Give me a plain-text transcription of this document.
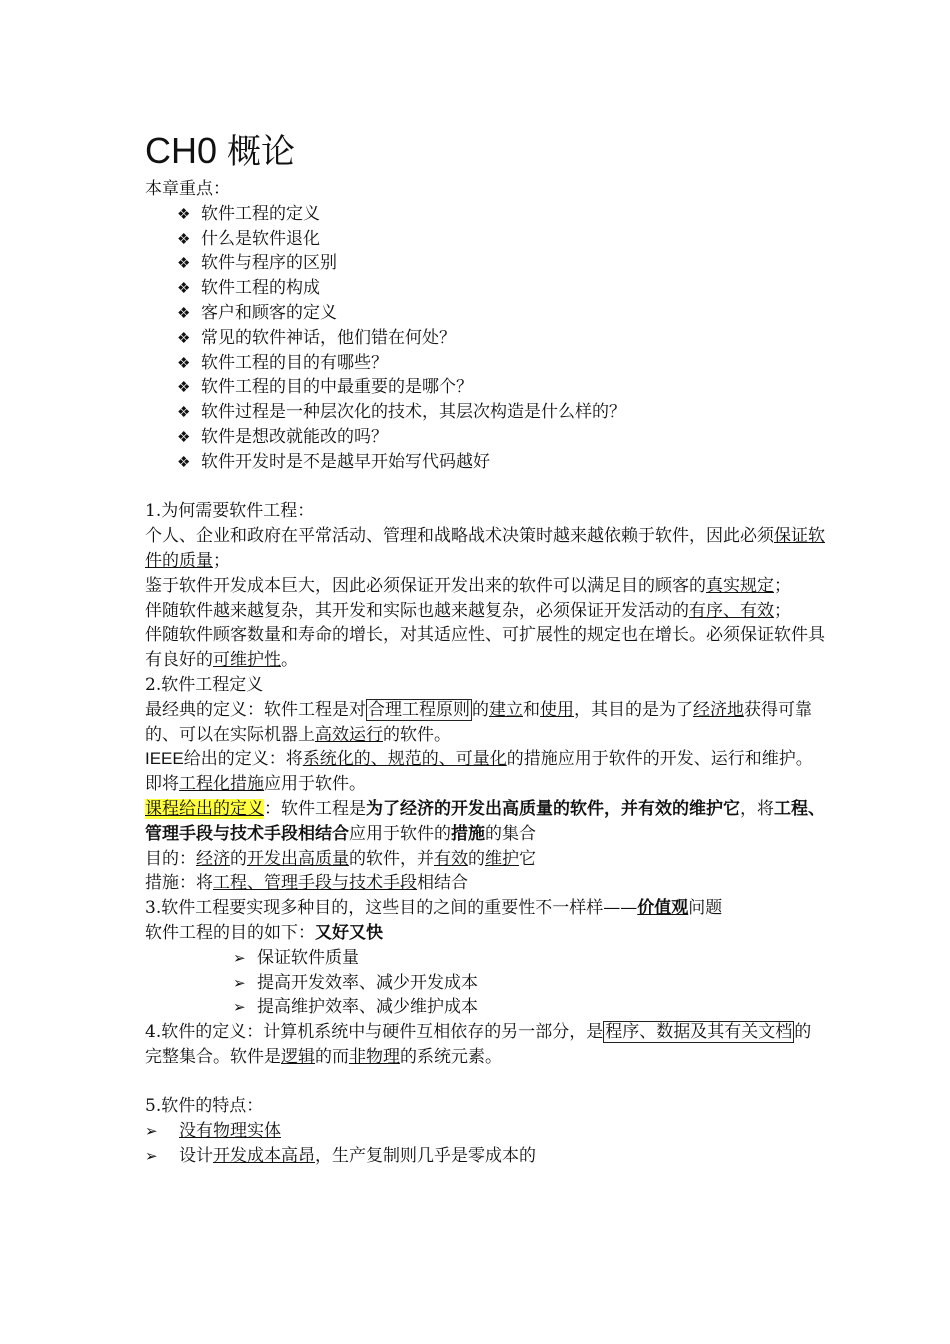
CH0 概论
本章重点：
❖ 软件工程的定义
❖ 什么是软件退化
❖ 软件与程序的区别
❖ 软件工程的构成
❖ 客户和顾客的定义
❖ 常见的软件神话，他们错在何处？
❖ 软件工程的目的有哪些？
❖ 软件工程的目的中最重要的是哪个？
❖ 软件过程是一种层次化的技术，其层次构造是什么样的？
❖ 软件是想改就能改的吗？
❖ 软件开发时是不是越早开始写代码越好
1.为何需要软件工程：
个人、企业和政府在平常活动、管理和战略战术决策时越来越依赖于软件，因此必须保证软件的质量；
鉴于软件开发成本巨大，因此必须保证开发出来的软件可以满足目的顾客的真实规定；
伴随软件越来越复杂，其开发和实际也越来越复杂，必须保证开发活动的有序、有效；
伴随软件顾客数量和寿命的增长，对其适应性、可扩展性的规定也在增长。必须保证软件具有良好的可维护性。
2.软件工程定义
最经典的定义：软件工程是对 合理工程原则 的建立和使用，其目的是为了经济地获得可靠的、可以在实际机器上高效运行的软件。
IEEE给出的定义：将系统化的、规范的、可量化的措施应用于软件的开发、运行和维护。即将工程化措施应用于软件。
课程给出的定义：软件工程是为了经济的开发出高质量的软件，并有效的维护它，将工程、管理手段与技术手段相结合应用于软件的措施的集合
目的：经济的开发出高质量的软件，并有效的维护它
措施：将工程、管理手段与技术手段相结合
3.软件工程要实现多种目的，这些目的之间的重要性不一样样——价值观问题
软件工程的目的如下：又好又快
➢ 保证软件质量
➢ 提高开发效率、减少开发成本
➢ 提高维护效率、减少维护成本
4.软件的定义：计算机系统中与硬件互相依存的另一部分，是 程序、数据及其有关文档 的完整集合。软件是逻辑的而非物理的系统元素。
5.软件的特点：
➢ 没有物理实体
➢ 设计开发成本高昂，生产复制则几乎是零成本的
